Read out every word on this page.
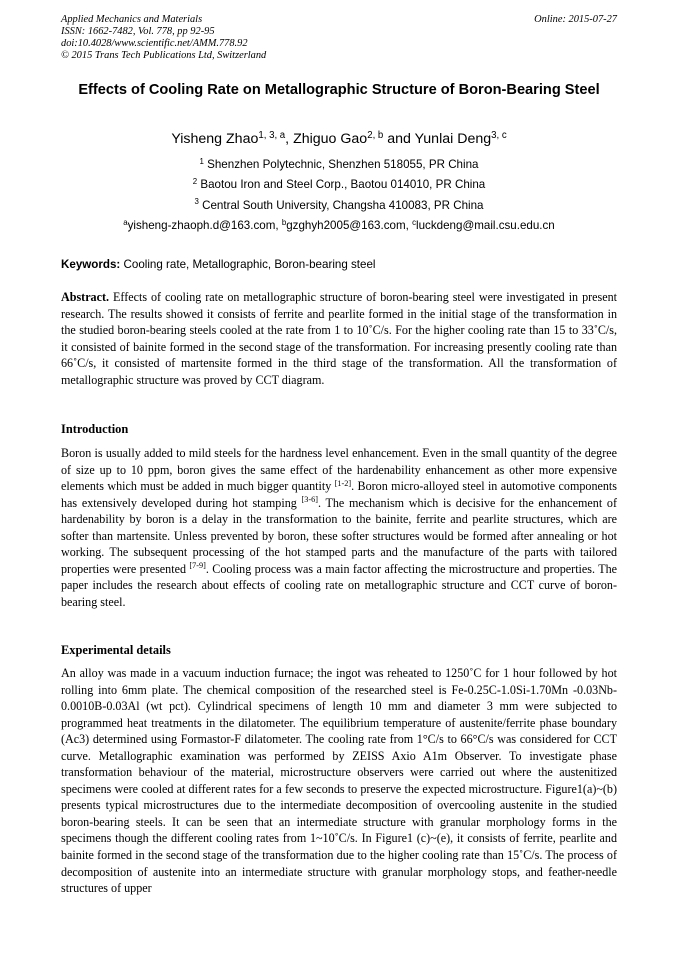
Applied Mechanics and Materials
ISSN: 1662-7482, Vol. 778, pp 92-95
doi:10.4028/www.scientific.net/AMM.778.92
© 2015 Trans Tech Publications Ltd, Switzerland
Online: 2015-07-27
Effects of Cooling Rate on Metallographic Structure of Boron-Bearing Steel
Yisheng Zhao$^{1, 3, a}$, Zhiguo Gao$^{2, b}$ and Yunlai Deng$^{3, c}$
$^1$ Shenzhen Polytechnic, Shenzhen 518055, PR China
$^2$ Baotou Iron and Steel Corp., Baotou 014010, PR China
$^3$ Central South University, Changsha 410083, PR China
$^a$yisheng-zhaoph.d@163.com, $^b$gzghyh2005@163.com, $^c$luckdeng@mail.csu.edu.cn
Keywords: Cooling rate, Metallographic, Boron-bearing steel
Abstract. Effects of cooling rate on metallographic structure of boron-bearing steel were investigated in present research. The results showed it consists of ferrite and pearlite formed in the initial stage of the transformation in the studied boron-bearing steels cooled at the rate from 1 to 10˚C/s. For the higher cooling rate than 15 to 33˚C/s, it consisted of bainite formed in the second stage of the transformation. For increasing presently cooling rate than 66˚C/s, it consisted of martensite formed in the third stage of the transformation. All the transformation of metallographic structure was proved by CCT diagram.
Introduction
Boron is usually added to mild steels for the hardness level enhancement. Even in the small quantity of the degree of size up to 10 ppm, boron gives the same effect of the hardenability enhancement as other more expensive elements which must be added in much bigger quantity [1-2]. Boron micro-alloyed steel in automotive components has extensively developed during hot stamping [3-6]. The mechanism which is decisive for the enhancement of hardenability by boron is a delay in the transformation to the bainite, ferrite and pearlite structures, which are softer than martensite. Unless prevented by boron, these softer structures would be formed after annealing or hot working. The subsequent processing of the hot stamped parts and the manufacture of the parts with tailored properties were presented [7-9]. Cooling process was a main factor affecting the microstructure and properties. The paper includes the research about effects of cooling rate on metallographic structure and CCT curve of boron-bearing steel.
Experimental details
An alloy was made in a vacuum induction furnace; the ingot was reheated to 1250˚C for 1 hour followed by hot rolling into 6mm plate. The chemical composition of the researched steel is Fe-0.25C-1.0Si-1.70Mn -0.03Nb-0.0010B-0.03Al (wt pct). Cylindrical specimens of length 10 mm and diameter 3 mm were subjected to programmed heat treatments in the dilatometer. The equilibrium temperature of austenite/ferrite phase boundary (Ac3) determined using Formastor-F dilatometer. The cooling rate from 1°C/s to 66°C/s was considered for CCT curve. Metallographic examination was performed by ZEISS Axio A1m Observer. To investigate phase transformation behaviour of the material, microstructure observers were carried out where the austenitized specimens were cooled at different rates for a few seconds to preserve the expected microstructure. Figure1(a)~(b) presents typical microstructures due to the intermediate decomposition of overcooling austenite in the studied boron-bearing steels. It can be seen that an intermediate structure with granular morphology forms in the specimens though the different cooling rates from 1~10˚C/s. In Figure1 (c)~(e), it consists of ferrite, pearlite and bainite formed in the second stage of the transformation due to the higher cooling rate than 15˚C/s. The process of decomposition of austenite into an intermediate structure with granular morphology stops, and feather-needle structures of upper
